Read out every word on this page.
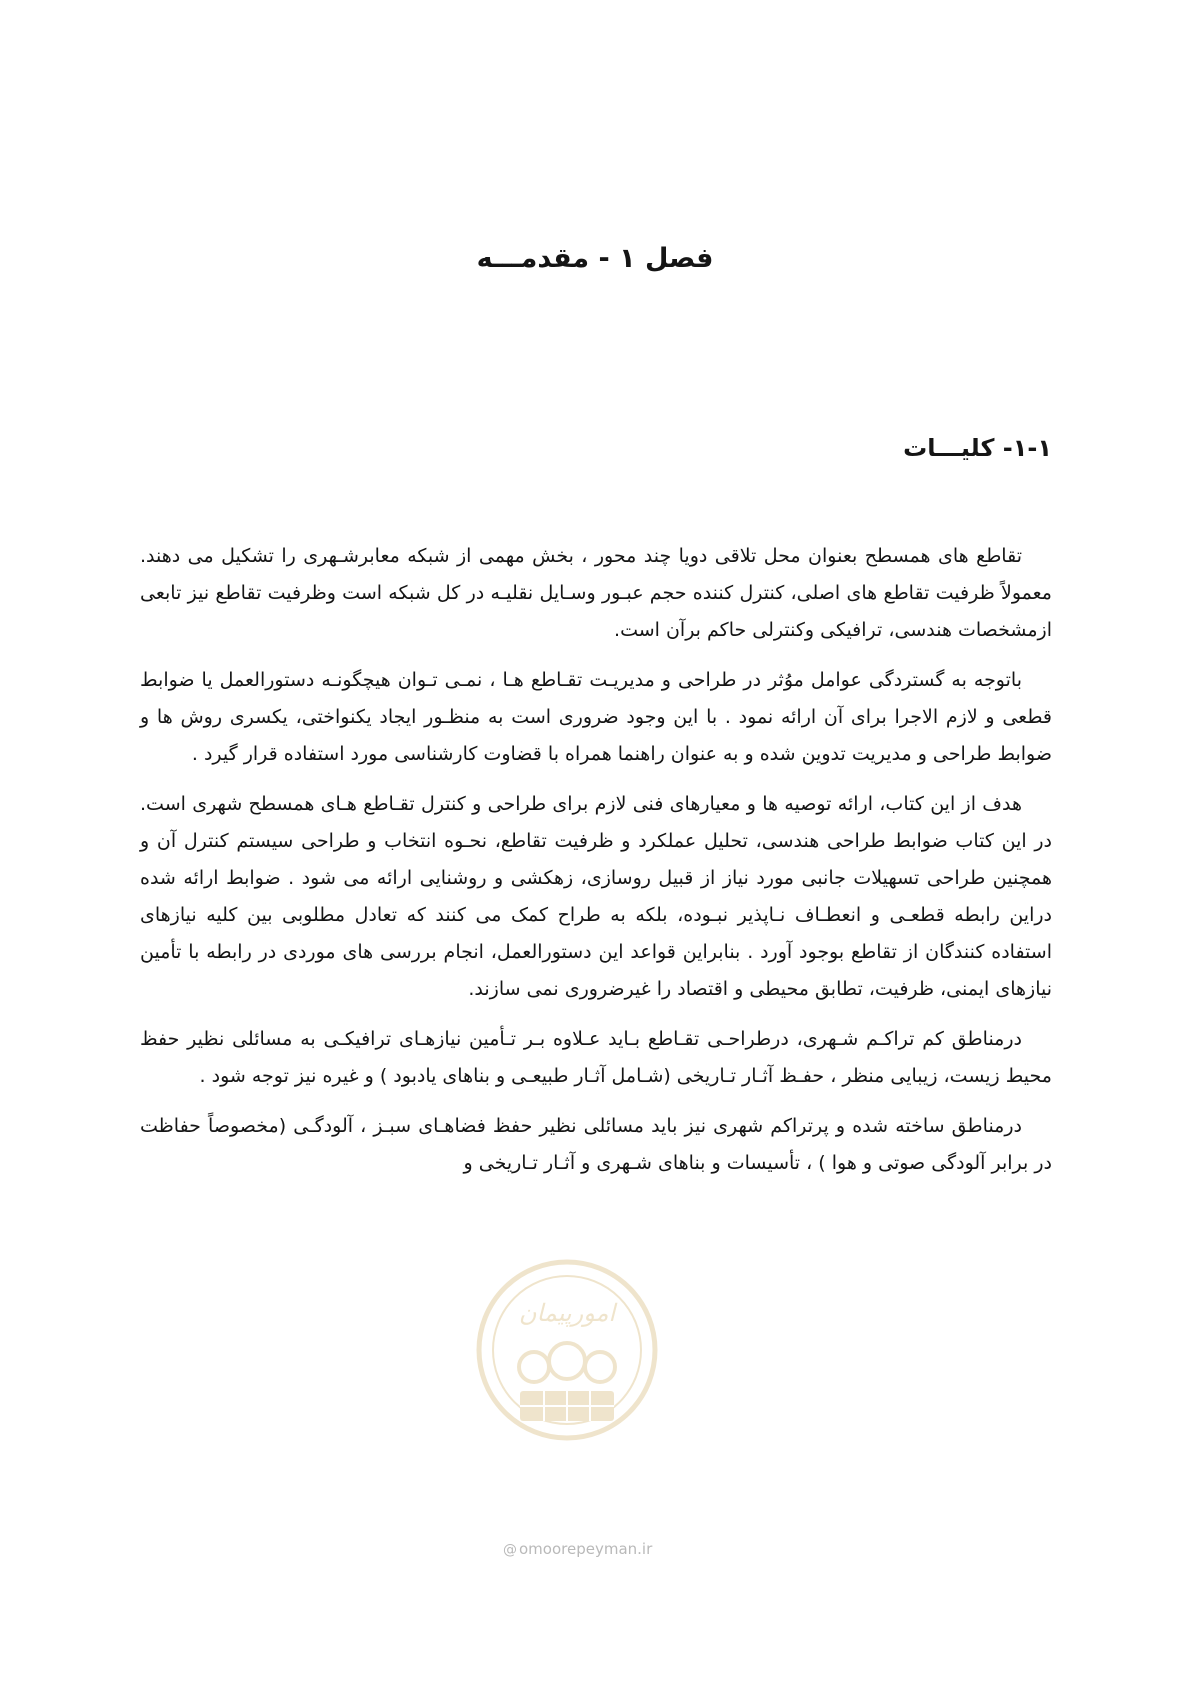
فصل ۱ - مقدمـــه
۱-۱- کلیـــات

تقاطع های همسطح بعنوان محل تلاقی دویا چند محور ، بخش مهمی از شبکه معابرشـهری را تشکیل می دهند. معمولاً ظرفیت تقاطع های اصلی، کنترل کننده حجم عبـور وسـایل نقلیـه در کل شبکه است وظرفیت تقاطع نیز تابعی ازمشخصات هندسی، ترافیکی وکنترلی حاکم برآن است.

باتوجه به گستردگی عوامل موُثر در طراحی و مدیریـت تقـاطع هـا ، نمـی تـوان هیچگونـه دستورالعمل یا ضوابط قطعی و لازم الاجرا برای آن ارائه نمود . با این وجود ضروری است به منظـور ایجاد یکنواختی، یکسری روش ها و ضوابط طراحی و مدیریت تدوین شده و به عنوان راهنما همراه با قضاوت کارشناسی مورد استفاده قرار گیرد .

هدف از این کتاب، ارائه توصیه ها و معیارهای فنی لازم برای طراحی و کنترل تقـاطع هـای همسطح شهری است. در این کتاب ضوابط طراحی هندسی، تحلیل عملکرد و ظرفیت تقاطع، نحـوه انتخاب و طراحی سیستم کنترل آن و همچنین طراحی تسهیلات جانبی مورد نیاز از قبیل روسازی، زهکشی و روشنایی ارائه می شود . ضوابط ارائه شده دراین رابطه قطعـی و انعطـاف نـاپذیر نبـوده، بلکه به طراح کمک می کنند که تعادل مطلوبی بین کلیه نیازهای استفاده کنندگان از تقاطع بوجود آورد . بنابراین قواعد این دستورالعمل، انجام بررسی های موردی در رابطه با تأمین نیازهای ایمنی، ظرفیت، تطابق محیطی و اقتصاد را غیرضروری نمی سازند.

درمناطق کم تراکـم شـهری، درطراحـی تقـاطع بـاید عـلاوه بـر تـأمین نیازهـای ترافیکـی به مسائلی نظیر حفظ محیط زیست، زیبایی منظر ، حفـظ آثـار تـاریخی (شـامل آثـار طبیعـی و بناهای یادبود ) و غیره نیز توجه شود .

درمناطق ساخته شده و پرتراکم شهری نیز باید مسائلی نظیر حفظ فضاهـای سبـز ، آلودگـی (مخصوصاً حفاظت در برابر آلودگی صوتی و هوا ) ، تأسیسات و بناهای شـهری و آثـار تـاریخی و

امورپیمان
@ omoorepeyman.ir
